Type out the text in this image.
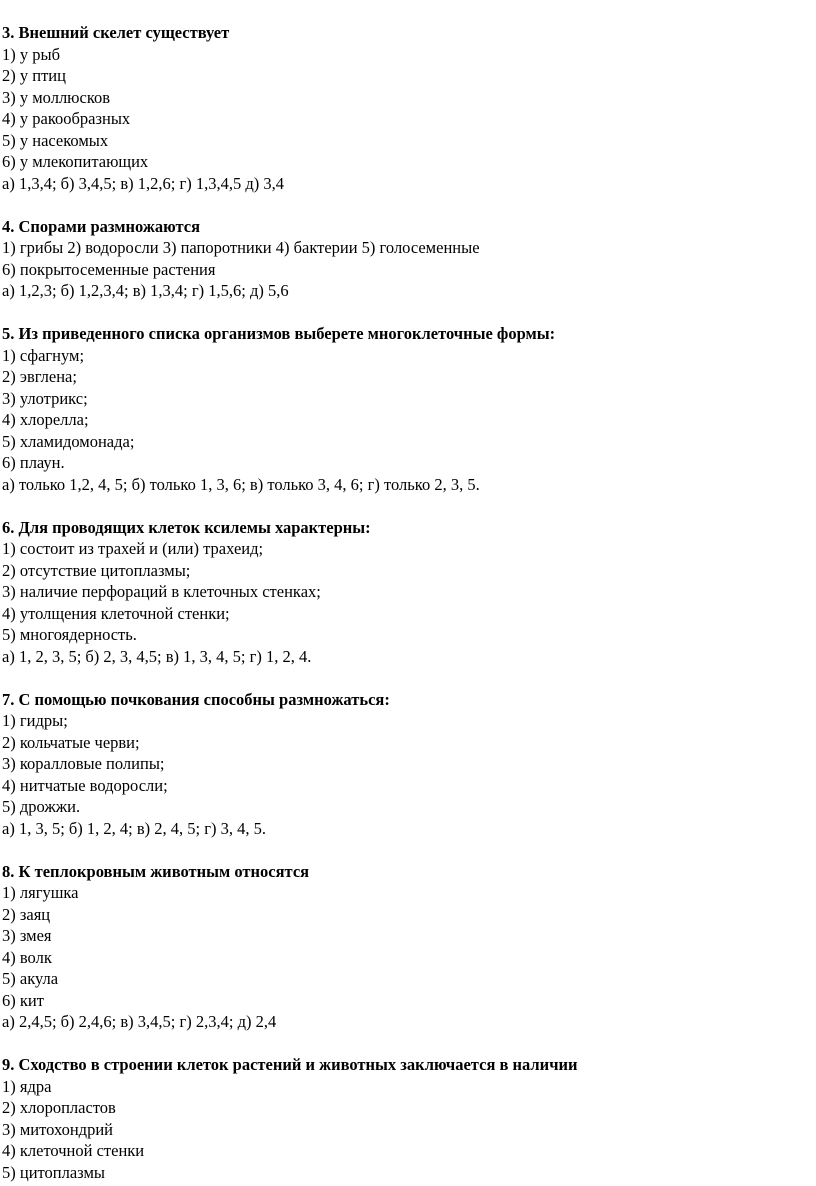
3. Внешний скелет существует
1) у рыб
2) у птиц
3) у моллюсков
4) у ракообразных
5) у насекомых
6) у млекопитающих
а) 1,3,4; б) 3,4,5; в) 1,2,6; г) 1,3,4,5 д) 3,4
4. Спорами размножаются
1) грибы 2) водоросли 3) папоротники 4) бактерии 5) голосеменные
6) покрытосеменные растения
а) 1,2,3; б) 1,2,3,4; в) 1,3,4; г) 1,5,6; д) 5,6
5. Из приведенного списка организмов выберете многоклеточные формы:
1) сфагнум;
2) эвглена;
3) улотрикс;
4) хлорелла;
5) хламидомонада;
6) плаун.
а) только 1,2, 4, 5; б) только 1, 3, 6; в) только 3, 4, 6; г) только 2, 3, 5.
6. Для проводящих клеток ксилемы характерны:
1) состоит из трахей и (или) трахеид;
2) отсутствие цитоплазмы;
3) наличие перфораций в клеточных стенках;
4) утолщения клеточной стенки;
5) многоядерность.
а) 1, 2, 3, 5; б) 2, 3, 4,5; в) 1, 3, 4, 5; г) 1, 2, 4.
7. С помощью почкования способны размножаться:
1) гидры;
2) кольчатые черви;
3) коралловые полипы;
4) нитчатые водоросли;
5) дрожжи.
а) 1, 3, 5; б) 1, 2, 4; в) 2, 4, 5; г) 3, 4, 5.
8. К теплокровным животным относятся
1) лягушка
2) заяц
3) змея
4) волк
5) акула
6) кит
а) 2,4,5; б) 2,4,6; в) 3,4,5; г) 2,3,4; д) 2,4
9. Сходство в строении клеток растений и животных заключается в наличии
1) ядра
2) хлоропластов
3) митохондрий
4) клеточной стенки
5) цитоплазмы
